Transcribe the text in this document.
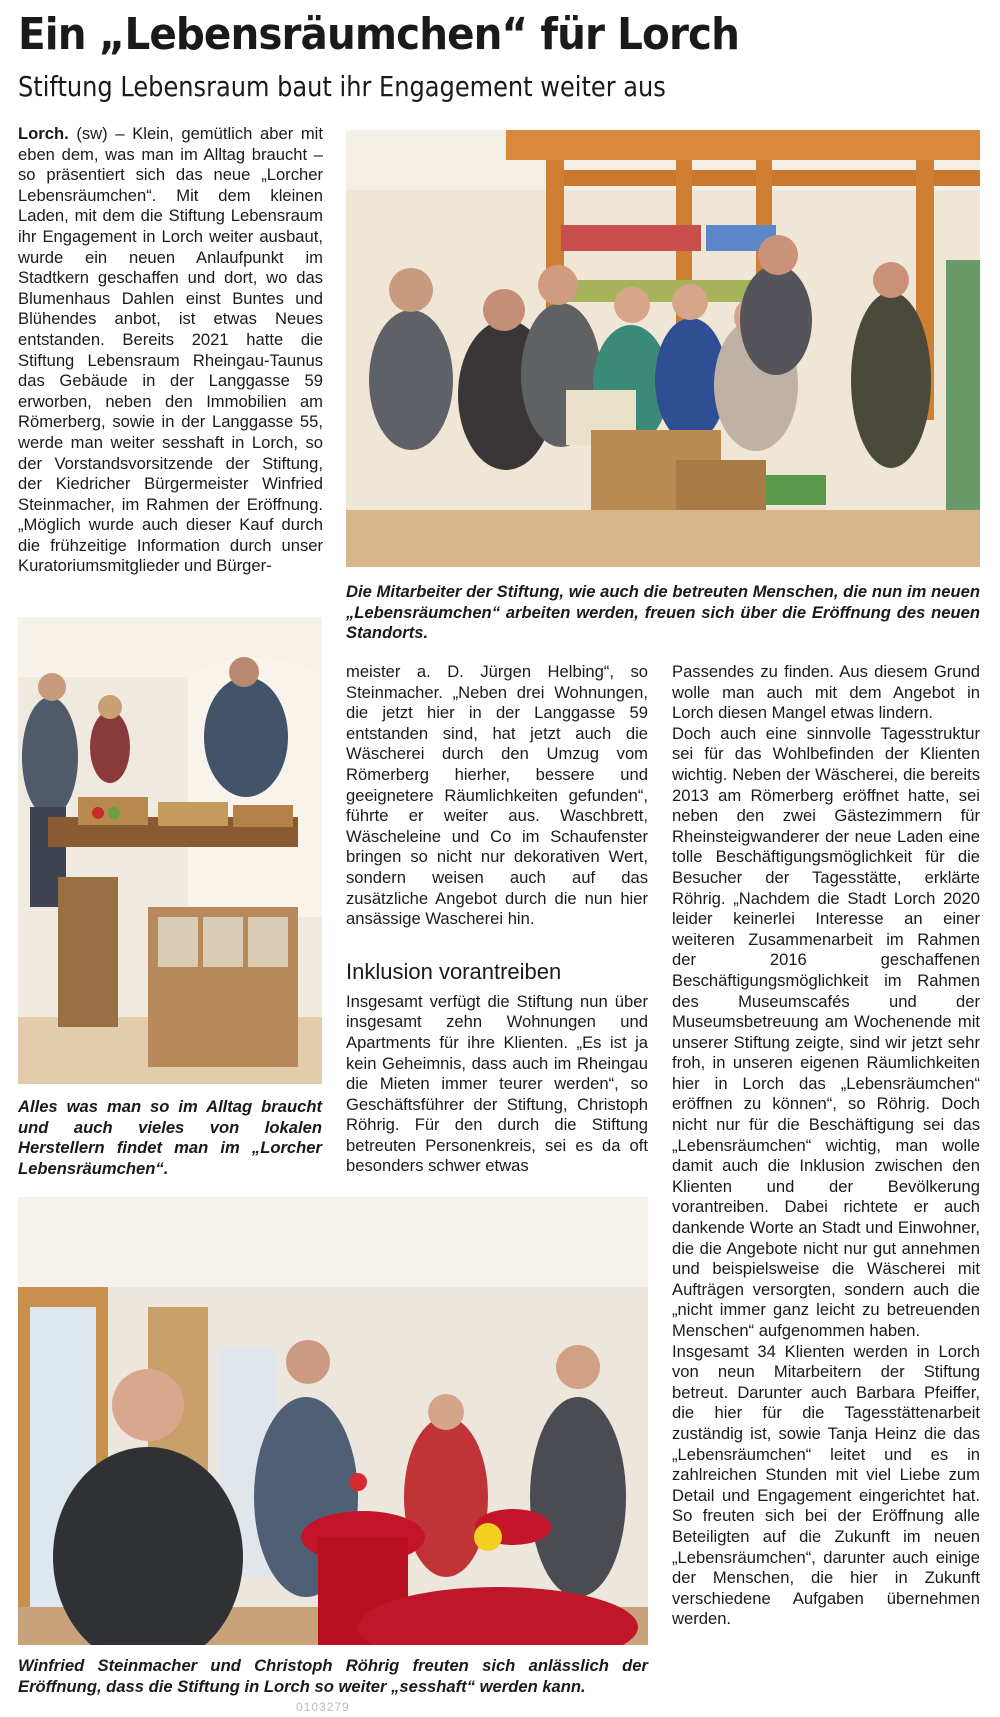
Ein „Lebensräumchen“ für Lorch
Stiftung Lebensraum baut ihr Engagement weiter aus

Lorch. (sw) – Klein, gemütlich aber mit eben dem, was man im Alltag braucht – so präsentiert sich das neue „Lorcher Lebensräumchen“. Mit dem kleinen Laden, mit dem die Stiftung Lebensraum ihr Engagement in Lorch weiter ausbaut, wurde ein neuen Anlaufpunkt im Stadtkern geschaffen und dort, wo das Blumenhaus Dahlen einst Buntes und Blühendes anbot, ist etwas Neues entstanden. Bereits 2021 hatte die Stiftung Lebensraum Rheingau-Taunus das Gebäude in der Langgasse 59 erworben, neben den Immobilien am Römerberg, sowie in der Langgasse 55, werde man weiter sesshaft in Lorch, so der Vorstandsvorsitzende der Stiftung, der Kiedricher Bürgermeister Winfried Steinmacher, im Rahmen der Eröffnung. „Möglich wurde auch dieser Kauf durch die frühzeitige Information durch unser Kuratoriumsmitglieder und Bürger-

Die Mitarbeiter der Stiftung, wie auch die betreuten Menschen, die nun im neuen „Lebensräumchen“ arbeiten werden, freuen sich über die Eröffnung des neuen Standorts.
Alles was man so im Alltag braucht und auch vieles von lokalen Herstellern findet man im „Lorcher Lebensräumchen“.

meister a. D. Jürgen Helbing“, so Steinmacher. „Neben drei Wohnungen, die jetzt hier in der Langgasse 59 entstanden sind, hat jetzt auch die Wäscherei durch den Umzug vom Römerberg hierher, bessere und geeignetere Räumlichkeiten gefunden“, führte er weiter aus. Waschbrett, Wäscheleine und Co im Schaufenster bringen so nicht nur dekorativen Wert, sondern weisen auch auf das zusätzliche Angebot durch die nun hier ansässige Wascherei hin.

Inklusion vorantreiben

Insgesamt verfügt die Stiftung nun über insgesamt zehn Wohnungen und Apartments für ihre Klienten. „Es ist ja kein Geheimnis, dass auch im Rheingau die Mieten immer teurer werden“, so Geschäftsführer der Stiftung, Christoph Röhrig. Für den durch die Stiftung betreuten Personenkreis, sei es da oft besonders schwer etwas

Passendes zu finden. Aus diesem Grund wolle man auch mit dem Angebot in Lorch diesen Mangel etwas lindern.

Doch auch eine sinnvolle Tagesstruktur sei für das Wohlbefinden der Klienten wichtig. Neben der Wäscherei, die bereits 2013 am Römerberg eröffnet hatte, sei neben den zwei Gästezimmern für Rheinsteigwanderer der neue Laden eine tolle Beschäftigungsmöglichkeit für die Besucher der Tagesstätte, erklärte Röhrig. „Nachdem die Stadt Lorch 2020 leider keinerlei Interesse an einer weiteren Zusammenarbeit im Rahmen der 2016 geschaffenen Beschäftigungsmöglichkeit im Rahmen des Museumscafés und der Museumsbetreuung am Wochenende mit unserer Stiftung zeigte, sind wir jetzt sehr froh, in unseren eigenen Räumlichkeiten hier in Lorch das „Lebensräumchen“ eröffnen zu können“, so Röhrig. Doch nicht nur für die Beschäftigung sei das „Lebensräumchen“ wichtig, man wolle damit auch die Inklusion zwischen den Klienten und der Bevölkerung vorantreiben. Dabei richtete er auch dankende Worte an Stadt und Einwohner, die die Angebote nicht nur gut annehmen und beispielsweise die Wäscherei mit Aufträgen versorgten, sondern auch die „nicht immer ganz leicht zu betreuenden Menschen“ aufgenommen haben.

Insgesamt 34 Klienten werden in Lorch von neun Mitarbeitern der Stiftung betreut. Darunter auch Barbara Pfeiffer, die hier für die Tagesstättenarbeit zuständig ist, sowie Tanja Heinz die das „Lebensräumchen“ leitet und es in zahlreichen Stunden mit viel Liebe zum Detail und Engagement eingerichtet hat. So freuten sich bei der Eröffnung alle Beteiligten auf die Zukunft im neuen „Lebensräumchen“, darunter auch einige der Menschen, die hier in Zukunft verschiedene Aufgaben übernehmen werden.

Winfried Steinmacher und Christoph Röhrig freuten sich anlässlich der Eröffnung, dass die Stiftung in Lorch so weiter „sesshaft“ werden kann.
0103279
